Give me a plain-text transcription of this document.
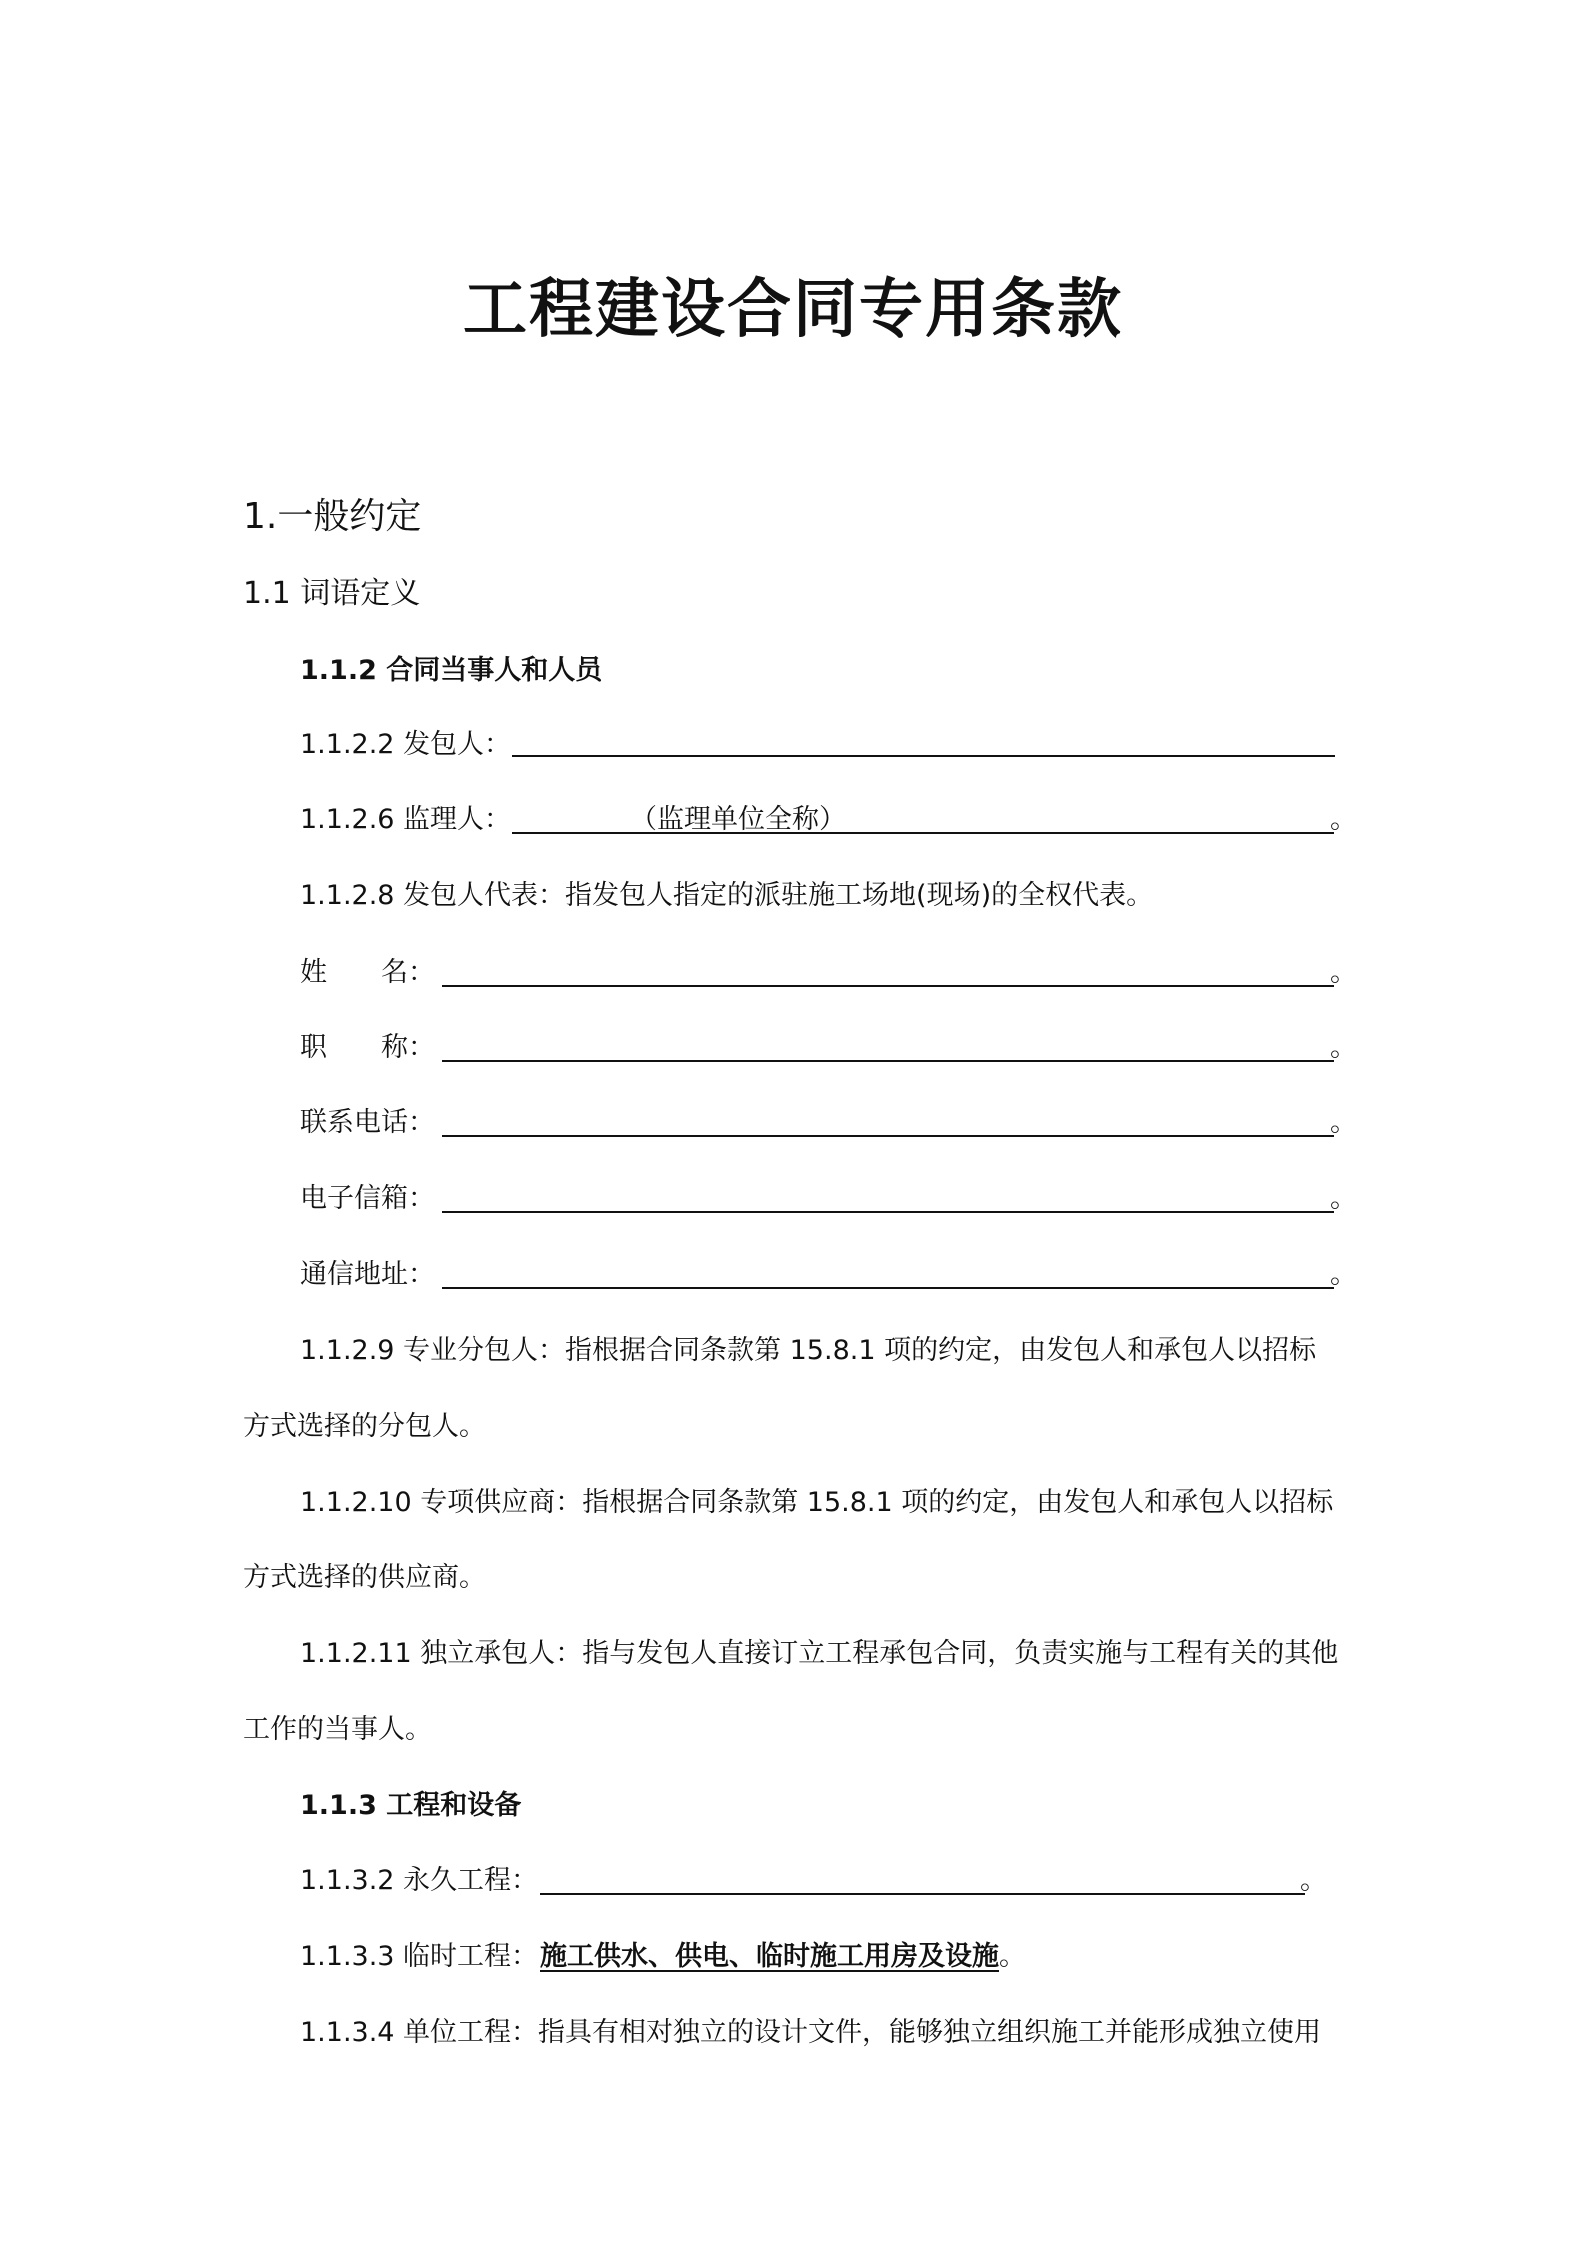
工程建设合同专用条款
1.一般约定
1.1 词语定义
1.1.2 合同当事人和人员
1.1.2.2 发包人：
1.1.2.6 监理人：	（监理单位全称）	。
1.1.2.8 发包人代表：指发包人指定的派驻施工场地(现场)的全权代表。
姓　　名：	。
职　　称：	。
联系电话：	。
电子信箱：	。
通信地址：	。
1.1.2.9 专业分包人：指根据合同条款第 15.8.1 项的约定，由发包人和承包人以招标
方式选择的分包人。
1.1.2.10 专项供应商：指根据合同条款第 15.8.1 项的约定，由发包人和承包人以招标
方式选择的供应商。
1.1.2.11 独立承包人：指与发包人直接订立工程承包合同，负责实施与工程有关的其他
工作的当事人。
1.1.3 工程和设备
1.1.3.2 永久工程：	。
1.1.3.3 临时工程： 施工供水、供电、临时施工用房及设施。
1.1.3.4 单位工程：指具有相对独立的设计文件，能够独立组织施工并能形成独立使用
